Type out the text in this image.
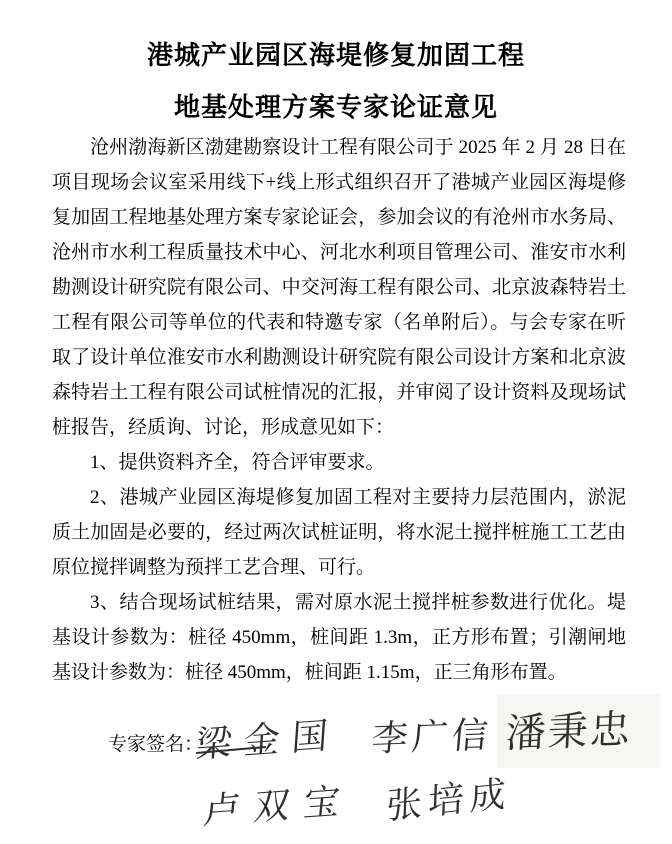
港城产业园区海堤修复加固工程
地基处理方案专家论证意见
沧州渤海新区渤建勘察设计工程有限公司于 2025 年 2 月 28 日在
项目现场会议室采用线下+线上形式组织召开了港城产业园区海堤修
复加固工程地基处理方案专家论证会，参加会议的有沧州市水务局、
沧州市水利工程质量技术中心、河北水利项目管理公司、淮安市水利
勘测设计研究院有限公司、中交河海工程有限公司、北京波森特岩土
工程有限公司等单位的代表和特邀专家（名单附后）。与会专家在听
取了设计单位淮安市水利勘测设计研究院有限公司设计方案和北京波
森特岩土工程有限公司试桩情况的汇报，并审阅了设计资料及现场试
桩报告，经质询、讨论，形成意见如下：
1、提供资料齐全，符合评审要求。
2、港城产业园区海堤修复加固工程对主要持力层范围内，淤泥
质土加固是必要的，经过两次试桩证明，将水泥土搅拌桩施工工艺由
原位搅拌调整为预拌工艺合理、可行。
3、结合现场试桩结果，需对原水泥土搅拌桩参数进行优化。堤
基设计参数为：桩径 450mm，桩间距 1.3m，正方形布置；引潮闸地
基设计参数为：桩径 450mm，桩间距 1.15m，正三角形布置。
专家签名：
梁金国 李广信 潘秉忠
卢双宝 张培成
